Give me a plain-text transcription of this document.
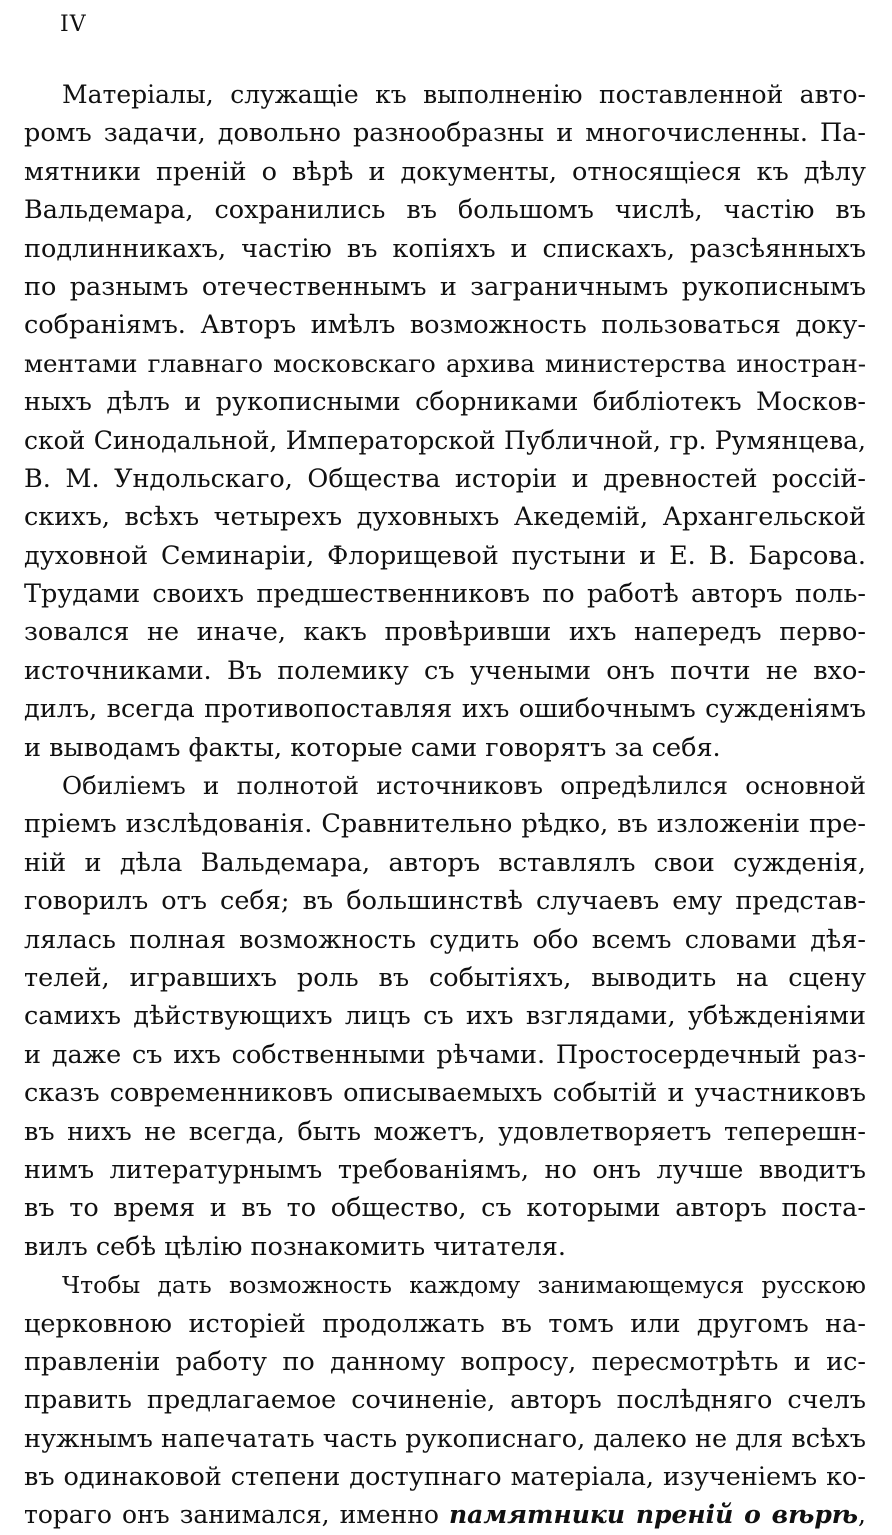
IV

Матеріалы, служащіе къ выполненію поставленной авто-
ромъ задачи, довольно разнообразны и многочисленны. Па-
мятники преній о вѣрѣ и документы, относящіеся къ дѣлу
Вальдемара, сохранились въ большомъ числѣ, частію въ
подлинникахъ, частію въ копіяхъ и спискахъ, разсѣянныхъ
по разнымъ отечественнымъ и заграничнымъ рукописнымъ
собраніямъ. Авторъ имѣлъ возможность пользоваться доку-
ментами главнаго московскаго архива министерства иностран-
ныхъ дѣлъ и рукописными сборниками библіотекъ Москов-
ской Синодальной, Императорской Публичной, гр. Румянцева,
В. М. Ундольскаго, Общества исторіи и древностей россій-
скихъ, всѣхъ четырехъ духовныхъ Акедемій, Архангельской
духовной Семинаріи, Флорищевой пустыни и Е. В. Барсова.
Трудами своихъ предшественниковъ по работѣ авторъ поль-
зовался не иначе, какъ провѣривши ихъ напередъ перво-
источниками. Въ полемику съ учеными онъ почти не вхо-
дилъ, всегда противопоставляя ихъ ошибочнымъ сужденіямъ
и выводамъ факты, которые сами говорятъ за себя.
Обиліемъ и полнотой источниковъ опредѣлился основной
пріемъ изслѣдованія. Сравнительно рѣдко, въ изложеніи пре-
ній и дѣла Вальдемара, авторъ вставлялъ свои сужденія,
говорилъ отъ себя; въ большинствѣ случаевъ ему представ-
лялась полная возможность судить обо всемъ словами дѣя-
телей, игравшихъ роль въ событіяхъ, выводить на сцену
самихъ дѣйствующихъ лицъ съ ихъ взглядами, убѣжденіями
и даже съ ихъ собственными рѣчами. Простосердечный раз-
сказъ современниковъ описываемыхъ событій и участниковъ
въ нихъ не всегда, быть можетъ, удовлетворяетъ теперешн-
нимъ литературнымъ требованіямъ, но онъ лучше вводитъ
въ то время и въ то общество, съ которыми авторъ поста-
вилъ себѣ цѣлію познакомить читателя.
Чтобы дать возможность каждому занимающемуся русскою
церковною исторіей продолжать въ томъ или другомъ на-
правленіи работу по данному вопросу, пересмотрѣть и ис-
править предлагаемое сочиненіе, авторъ послѣдняго счелъ
нужнымъ напечатать часть рукописнаго, далеко не для всѣхъ
въ одинаковой степени доступнаго матеріала, изученіемъ ко-
тораго онъ занимался, именно памятники преній о вѣрѣ,
